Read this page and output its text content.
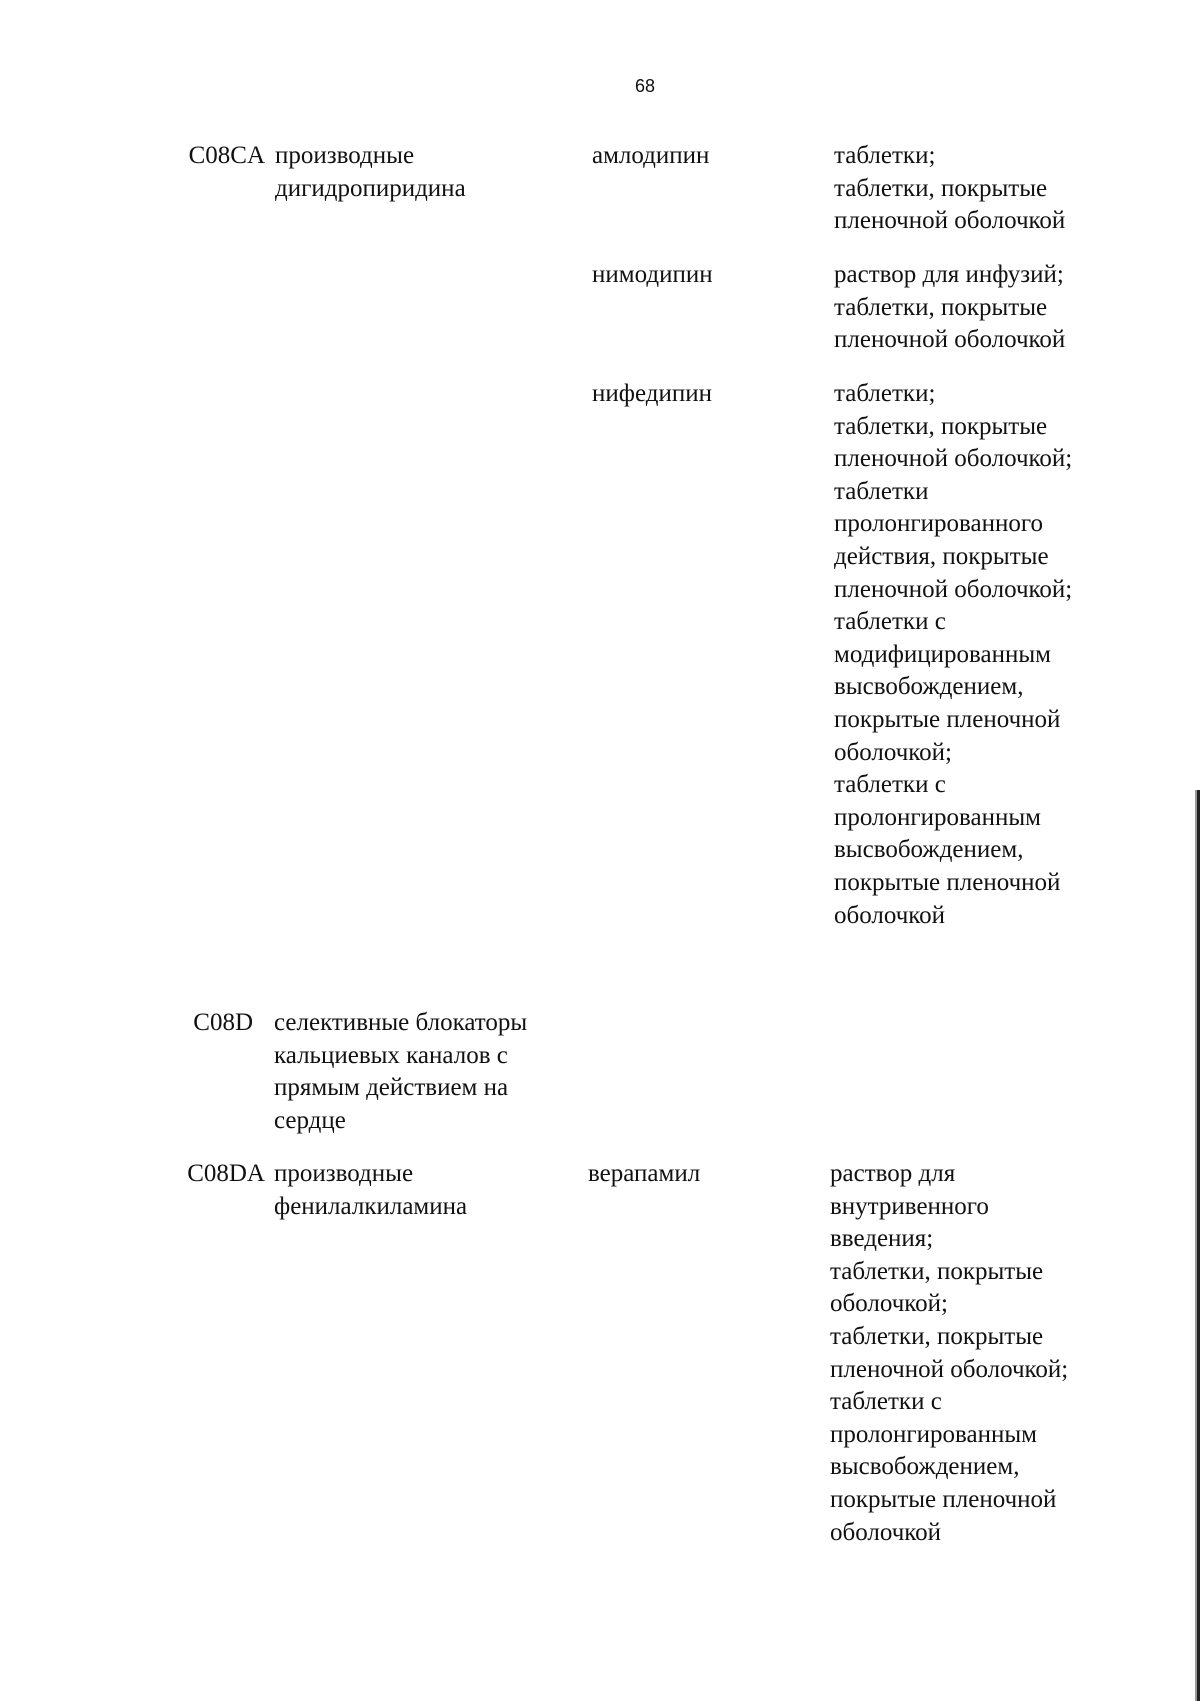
68
C08CA производные
дигидропиридина
амлодипин	таблетки;
таблетки, покрытые
пленочной оболочкой
нимодипин	раствор для инфузий;
таблетки, покрытые
пленочной оболочкой
нифедипин	таблетки;
таблетки, покрытые
пленочной оболочкой;
таблетки
пролонгированного
действия, покрытые
пленочной оболочкой;
таблетки с
модифицированным
высвобождением,
покрытые пленочной
оболочкой;
таблетки с
пролонгированным
высвобождением,
покрытые пленочной
оболочкой
C08D селективные блокаторы
кальциевых каналов с
прямым действием на
сердце
C08DA производные
фенилалкиламина
верапамил	раствор для
внутривенного
введения;
таблетки, покрытые
оболочкой;
таблетки, покрытые
пленочной оболочкой;
таблетки с
пролонгированным
высвобождением,
покрытые пленочной
оболочкой
